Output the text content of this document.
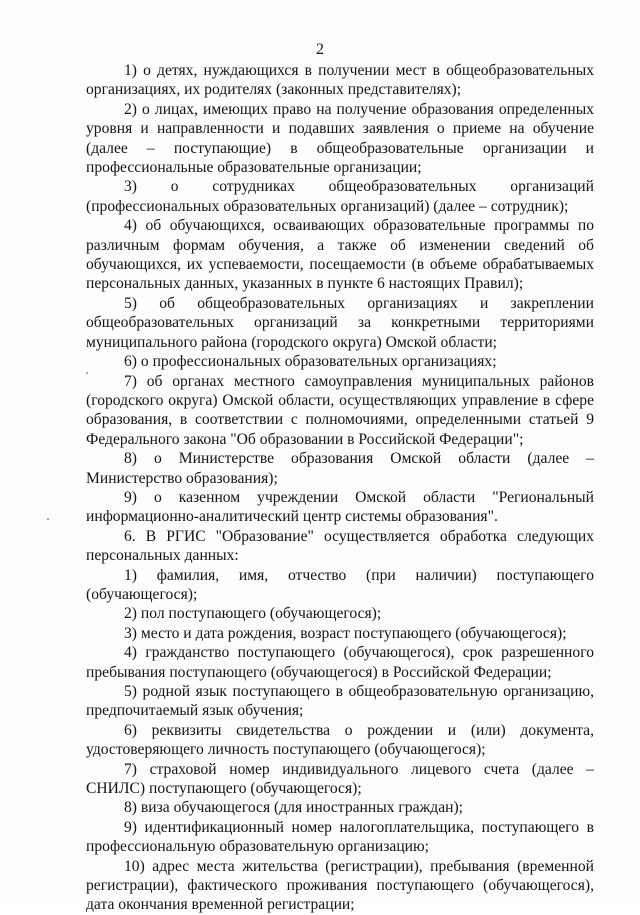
2

1) о детях, нуждающихся в получении мест в общеобразовательных организациях, их родителях (законных представителях);

2) о лицах, имеющих право на получение образования определенных уровня и направленности и подавших заявления о приеме на обучение (далее – поступающие) в общеобразовательные организации и профессиональные образовательные организации;

3) о сотрудниках общеобразовательных организаций (профессиональных образовательных организаций) (далее – сотрудник);

4) об обучающихся, осваивающих образовательные программы по различным формам обучения, а также об изменении сведений об обучающихся, их успеваемости, посещаемости (в объеме обрабатываемых персональных данных, указанных в пункте 6 настоящих Правил);

5) об общеобразовательных организациях и закреплении общеобразовательных организаций за конкретными территориями муниципального района (городского округа) Омской области;

6) о профессиональных образовательных организациях;

7) об органах местного самоуправления муниципальных районов (городского округа) Омской области, осуществляющих управление в сфере образования, в соответствии с полномочиями, определенными статьей 9 Федерального закона "Об образовании в Российской Федерации";

8) о Министерстве образования Омской области (далее – Министерство образования);

9) о казенном учреждении Омской области "Региональный информационно-аналитический центр системы образования".

6. В РГИС "Образование" осуществляется обработка следующих персональных данных:

1) фамилия, имя, отчество (при наличии) поступающего (обучающегося);

2) пол поступающего (обучающегося);

3) место и дата рождения, возраст поступающего (обучающегося);

4) гражданство поступающего (обучающегося), срок разрешенного пребывания поступающего (обучающегося) в Российской Федерации;

5) родной язык поступающего в общеобразовательную организацию, предпочитаемый язык обучения;

6) реквизиты свидетельства о рождении и (или) документа, удостоверяющего личность поступающего (обучающегося);

7) страховой номер индивидуального лицевого счета (далее – СНИЛС) поступающего (обучающегося);

8) виза обучающегося (для иностранных граждан);

9) идентификационный номер налогоплательщика, поступающего в профессиональную образовательную организацию;

10) адрес места жительства (регистрации), пребывания (временной регистрации), фактического проживания поступающего (обучающегося), дата окончания временной регистрации;
